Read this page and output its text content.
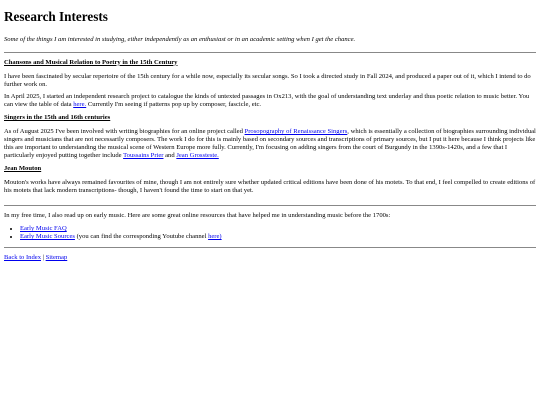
Research Interests

Some of the things I am interested in studying, either independently as an enthusiast or in an academic setting when I get the chance.

Chansons and Musical Relation to Poetry in the 15th Century

I have been fascinated by secular repertoire of the 15th century for a while now, especially its secular songs. So I took a directed study in Fall 2024, and produced a paper out of it, which I intend to do further work on.

In April 2025, I started an independent research project to catalogue the kinds of untexted passages in Ox213, with the goal of understanding text underlay and thus poetic relation to music better. You can view the table of data here. Currently I'm seeing if patterns pop up by composer, fascicle, etc.

Singers in the 15th and 16th centuries

As of August 2025 I've been involved with writing biographies for an online project called Prosopography of Renaissance Singers, which is essentially a collection of biographies surrounding individual singers and musicians that are not necessarily composers. The work I do for this is mainly based on secondary sources and transcriptions of primary sources, but I put it here because I think projects like this are important to understanding the musical scene of Western Europe more fully. Currently, I'm focusing on adding singers from the court of Burgundy in the 1390s-1420s, and a few that I particularly enjoyed putting together include Toussains Prier and Jean Grossteste.

Jean Mouton

Mouton's works have always remained favourites of mine, though I am not entirely sure whether updated critical editions have been done of his motets. To that end, I feel compelled to create editions of his motets that lack modern transcriptions- though, I haven't found the time to start on that yet.

In my free time, I also read up on early music. Here are some great online resources that have helped me in understanding music before the 1700s:

• Early Music FAQ
• Early Music Sources (you can find the corresponding Youtube channel here)
Back to Index | Sitemap
